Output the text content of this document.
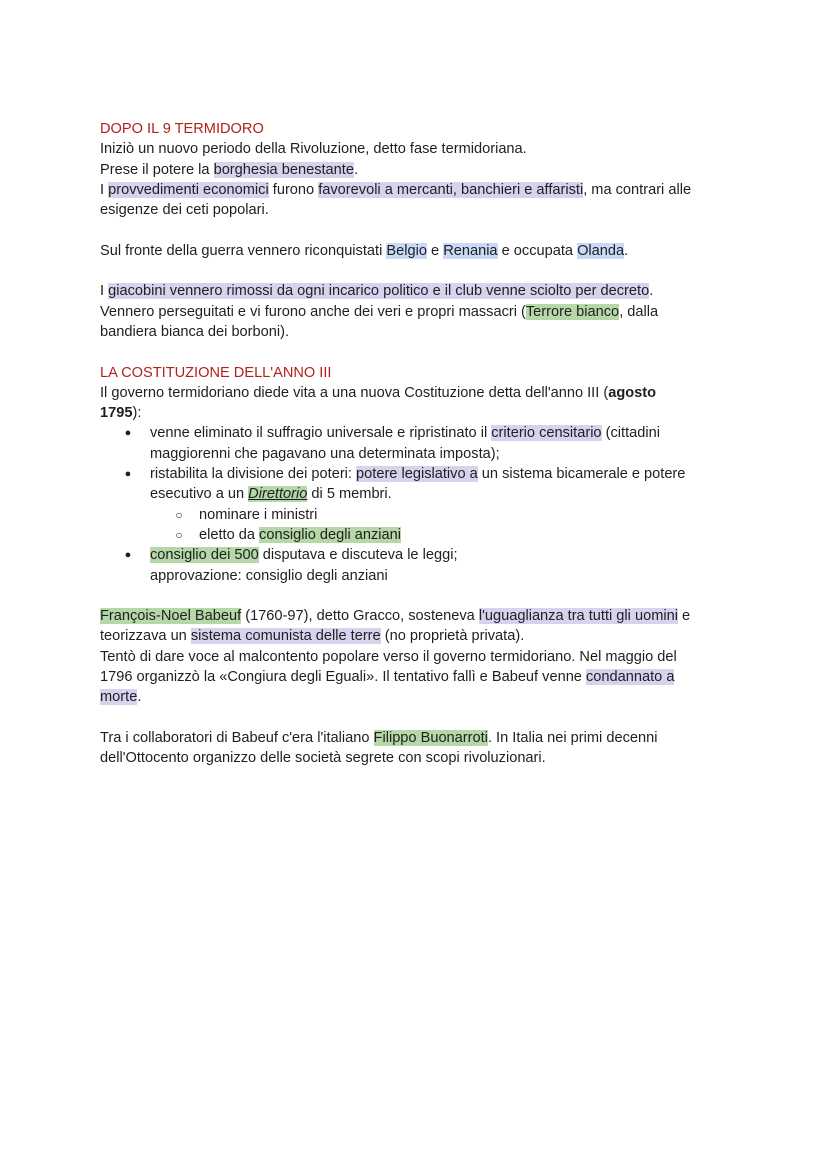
DOPO IL 9 TERMIDORO
Iniziò un nuovo periodo della Rivoluzione, detto fase termidoriana.
Prese il potere la borghesia benestante.
I provvedimenti economici furono favorevoli a mercanti, banchieri e affaristi, ma contrari alle
esigenze dei ceti popolari.
Sul fronte della guerra vennero riconquistati Belgio e Renania e occupata Olanda.
I giacobini vennero rimossi da ogni incarico politico e il club venne sciolto per decreto.
Vennero perseguitati e vi furono anche dei veri e propri massacri (Terrore bianco, dalla
bandiera bianca dei borboni).
LA COSTITUZIONE DELL'ANNO III
Il governo termidoriano diede vita a una nuova Costituzione detta dell'anno III (agosto
1795):
●	venne eliminato il suffragio universale e ripristinato il criterio censitario (cittadini
maggiorenni che pagavano una determinata imposta);
●	ristabilita la divisione dei poteri: potere legislativo a un sistema bicamerale e potere
esecutivo a un Direttorio di 5 membri.
○ nominare i ministri
○ eletto da consiglio degli anziani
●	consiglio dei 500 disputava e discuteva le leggi;
approvazione: consiglio degli anziani
François-Noel Babeuf (1760-97), detto Gracco, sosteneva l'uguaglianza tra tutti gli uomini e
teorizzava un sistema comunista delle terre (no proprietà privata).
Tentò di dare voce al malcontento popolare verso il governo termidoriano. Nel maggio del
1796 organizzò la «Congiura degli Eguali». Il tentativo fallì e Babeuf venne condannato a
morte.
Tra i collaboratori di Babeuf c'era l'italiano Filippo Buonarroti. In Italia nei primi decenni
dell'Ottocento organizzo delle società segrete con scopi rivoluzionari.
